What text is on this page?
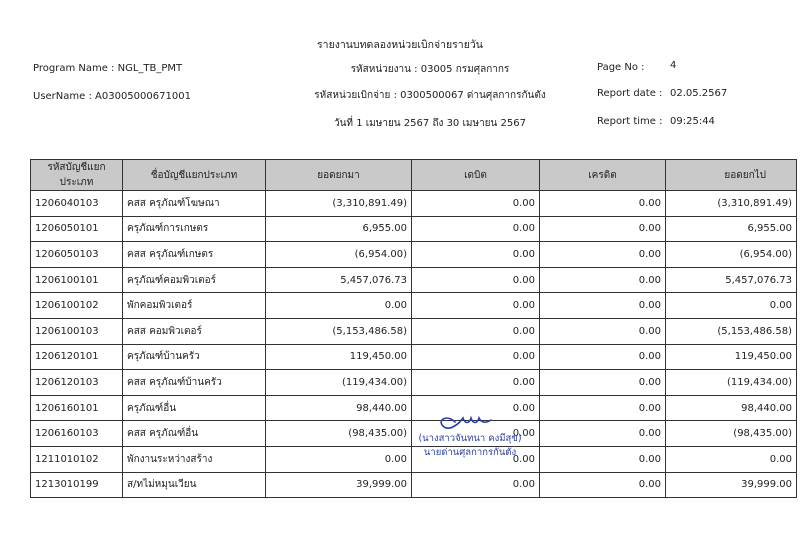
รายงานบทดลองหน่วยเบิกจ่ายรายวัน
Program Name : NGL_TB_PMT	รหัสหน่วยงาน : 03005 กรมศุลกากร	Page No :	4
UserName : A03005000671001	รหัสหน่วยเบิกจ่าย : 0300500067 ด่านศุลกากรกันตัง	Report date : 02.05.2567
วันที่ 1 เมษายน 2567 ถึง 30 เมษายน 2567	Report time : 09:25:44
รหัสบัญชีแยกประเภท	ชื่อบัญชีแยกประเภท	ยอดยกมา	เดบิต	เครดิต	ยอดยกไป
1206040103	คสส ครุภัณฑ์โฆษณา	(3,310,891.49)	0.00	0.00	(3,310,891.49)
1206050101	ครุภัณฑ์การเกษตร	6,955.00	0.00	0.00	6,955.00
1206050103	คสส ครุภัณฑ์เกษตร	(6,954.00)	0.00	0.00	(6,954.00)
1206100101	ครุภัณฑ์คอมพิวเตอร์	5,457,076.73	0.00	0.00	5,457,076.73
1206100102	พักคอมพิวเตอร์	0.00	0.00	0.00	0.00
1206100103	คสส คอมพิวเตอร์	(5,153,486.58)	0.00	0.00	(5,153,486.58)
1206120101	ครุภัณฑ์บ้านครัว	119,450.00	0.00	0.00	119,450.00
1206120103	คสส ครุภัณฑ์บ้านครัว	(119,434.00)	0.00	0.00	(119,434.00)
1206160101	ครุภัณฑ์อื่น	98,440.00	0.00	0.00	98,440.00
1206160103	คสส ครุภัณฑ์อื่น	(98,435.00)	0.00	0.00	(98,435.00)
1211010102	พักงานระหว่างสร้าง	0.00	0.00	0.00	0.00
1213010199	ส/ทไม่หมุนเวียน	39,999.00	0.00	0.00	39,999.00
(นางสาวจันทนา คงมีสุข)
นายด่านศุลกากรกันตัง
